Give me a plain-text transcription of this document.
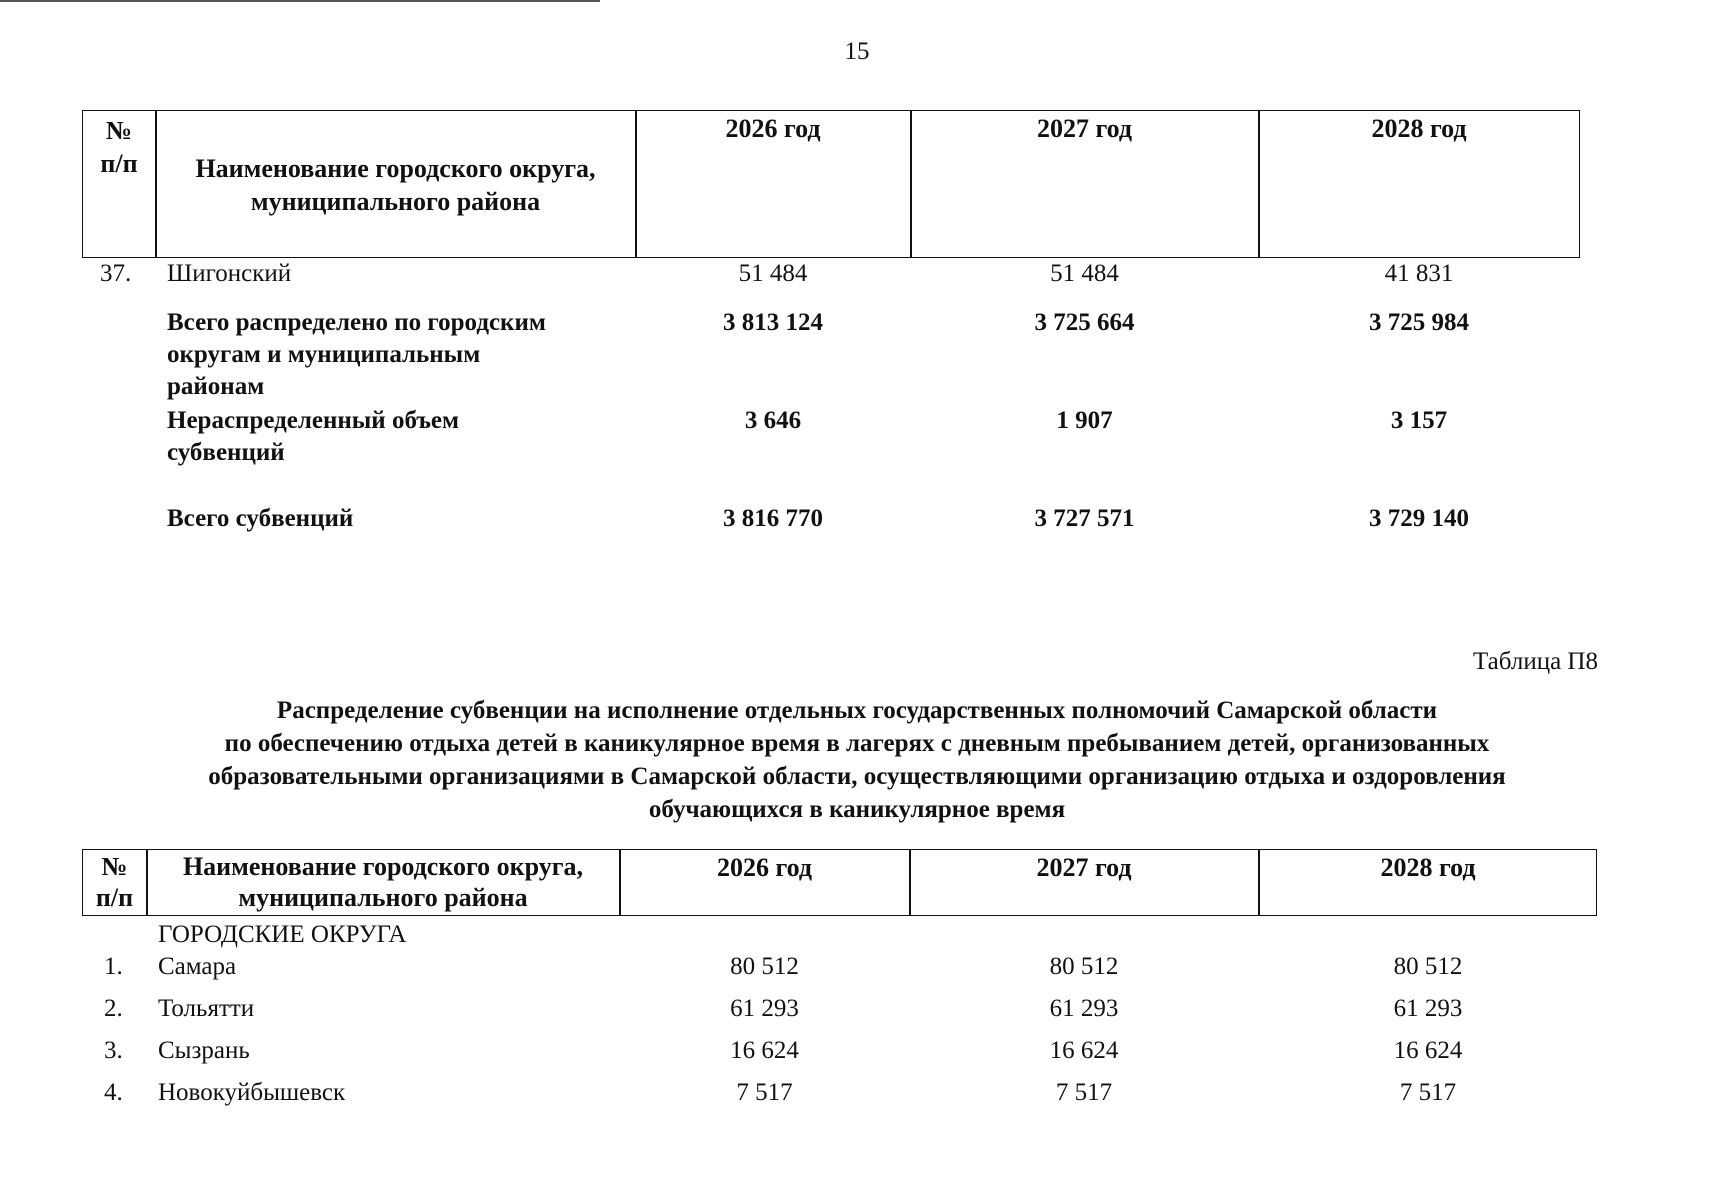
15
№
п/п	Наименование городского округа,
муниципального района
2026 год	2027 год	2028 год
37. Шигонский	51 484	51 484	41 831
Всего распределено по городским
округам и муниципальным
районам
3 813 124	3 725 664	3 725 984
Нераспределенный объем
субвенций
3 646	1 907	3 157
Всего субвенций	3 816 770	3 727 571	3 729 140
Таблица П8
Распределение субвенции на исполнение отдельных государственных полномочий Самарской области
по обеспечению отдыха детей в каникулярное время в лагерях с дневным пребыванием детей, организованных
образовательными организациями в Самарской области, осуществляющими организацию отдыха и оздоровления
обучающихся в каникулярное время
№
п/п
Наименование городского округа,
муниципального района
2026 год	2027 год	2028 год
ГОРОДСКИЕ ОКРУГА
1. Самара	80 512	80 512	80 512
2. Тольятти	61 293	61 293	61 293
3. Сызрань	16 624	16 624	16 624
4. Новокуйбышевск	7 517	7 517	7 517
